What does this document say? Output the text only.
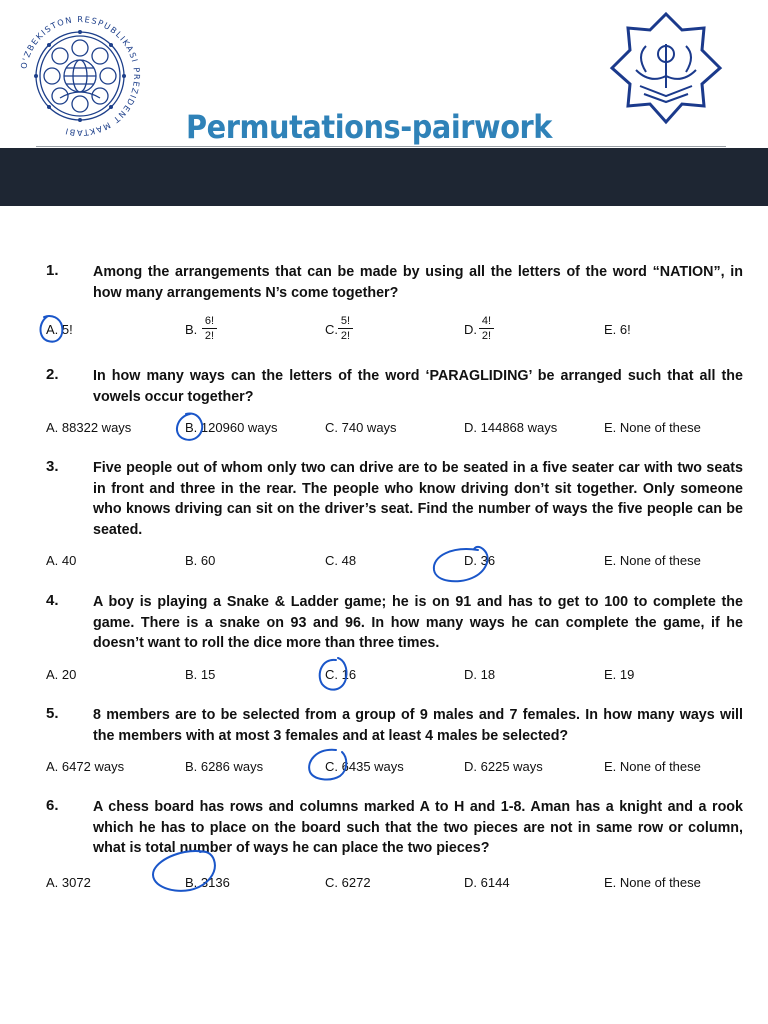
O'ZBEKISTON RESPUBLIKASI PREZIDENT MAKTABI	Permutations-pairwork
1. Among the arrangements that can be made by using all the letters of the word “NATION”, in how many arrangements N’s come together?
A. 5!	B.
6!
2!	C.
5!
2!	D.
4!
2!	E. 6!
2. In how many ways can the letters of the word ‘PARAGLIDING’ be arranged such that all the vowels occur together?
A. 88322 ways	B. 120960 ways	C. 740 ways	D. 144868 ways	E. None of these
3. Five people out of whom only two can drive are to be seated in a five seater car with two seats in front and three in the rear. The people who know driving don’t sit together. Only someone who knows driving can sit on the driver’s seat. Find the number of ways the five people can be seated.
A. 40	B. 60	C. 48	D. 36	E. None of these
4. A boy is playing a Snake & Ladder game; he is on 91 and has to get to 100 to complete the game. There is a snake on 93 and 96. In how many ways he can complete the game, if he doesn’t want to roll the dice more than three times.
A. 20	B. 15	C. 16	D. 18	E. 19
5. 8 members are to be selected from a group of 9 males and 7 females. In how many ways will the members with at most 3 females and at least 4 males be selected?
A. 6472 ways	B. 6286 ways	C. 6435 ways	D. 6225 ways	E. None of these
6. A chess board has rows and columns marked A to H and 1-8. Aman has a knight and a rook which he has to place on the board such that the two pieces are not in same row or column, what is total number of ways he can place the two pieces?
A. 3072	B. 3136	C. 6272	D. 6144	E. None of these
